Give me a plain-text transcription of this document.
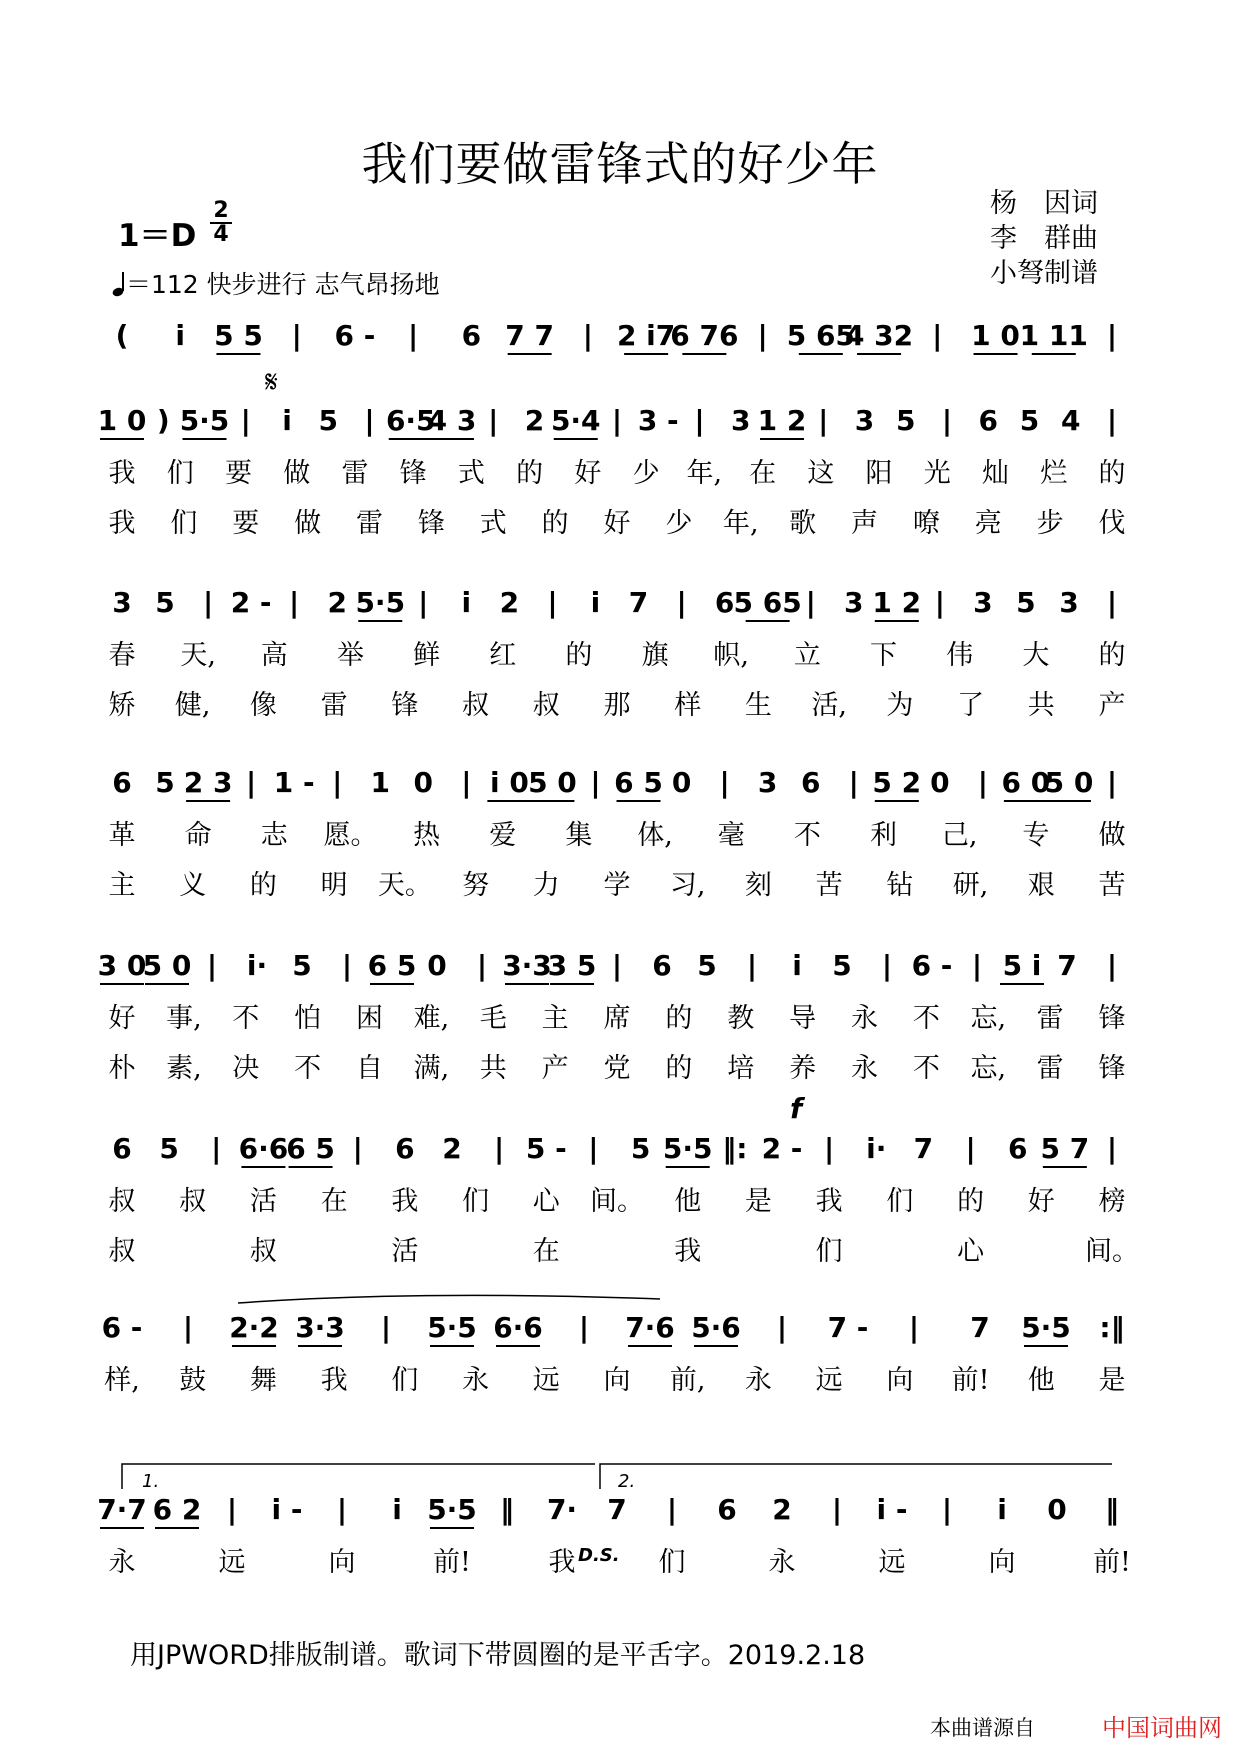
我们要做雷锋式的好少年
杨　因词
李　群曲
小弩制谱
1＝D
2
4
＝112 快步进行 志气昂扬地
( i 5 5 | 6 - | 6 7 7 | 2 i7
6 76 | 5 65
4 32 | 1 0 1 11 |
1 0 ) 5·5 | i 5 | 6·5
4 3 | 2 5·4 | 3 - | 3 1 2 | 3 5 | 6 5 4 |
我 们 要 做 雷 锋 式 的 好 少 年, 在 这 阳 光 灿 烂 的
我 们 要 做 雷 锋 式 的 好 少 年, 歌 声 嘹 亮 步 伐
3 5 | 2 - | 2 5·5 | i 2 | i 7 | 6 5 65 | 3 1 2 | 3 5 3 |
春 天, 高 举 鲜 红 的 旗 帜, 立 下 伟 大 的
矫 健, 像 雷 锋 叔 叔 那 样 生 活, 为 了 共 产
6 5 2 3 | 1 - | 1 0 | i 0 5 0 | 6 5 0 | 3 6 | 5 2 0 | 6 0
5 0 |
革 命 志 愿。 热 爱 集 体, 毫 不 利 己, 专 做
主 义 的 明 天。 努 力 学 习, 刻 苦 钻 研, 艰 苦
3 0
5 0 | i· 5 | 6 5 0 | 3·3
3 5 | 6 5 | i 5 | 6 - | 5 i 7 |
好 事, 不 怕 困 难, 毛 主 席 的 教 导 永 不 忘, 雷 锋
朴 素, 决 不 自 满, 共 产 党 的 培 养 永 不 忘, 雷 锋
6 5 | 6·6
6 5 | 6 2 | 5 - | 5 5·5 ‖: 2 - | i· 7 | 6 5 7 |
叔 叔 活 在 我 们 心 间。 他 是 我 们 的 好 榜
叔	叔	活	在	我	们	心	间。
f
6 - | 2·2 3·3 | 5·5 6·6 | 7·6 5·6 | 7 - | 7 5·5 :‖
样, 鼓 舞 我 们 永 远 向 前, 永 远 向 前! 他 是
7·7 6 2 | i - | i 5·5 ‖ 7· 7 | 6 2 | i - | i 0 ‖
永	远	向	前!	我	们	永	远	向	前!
1.	2.
D.S.
𝄋
用JPWORD排版制谱。歌词下带圆圈的是平舌字。2019.2.18
本曲谱源自	中国词曲网
